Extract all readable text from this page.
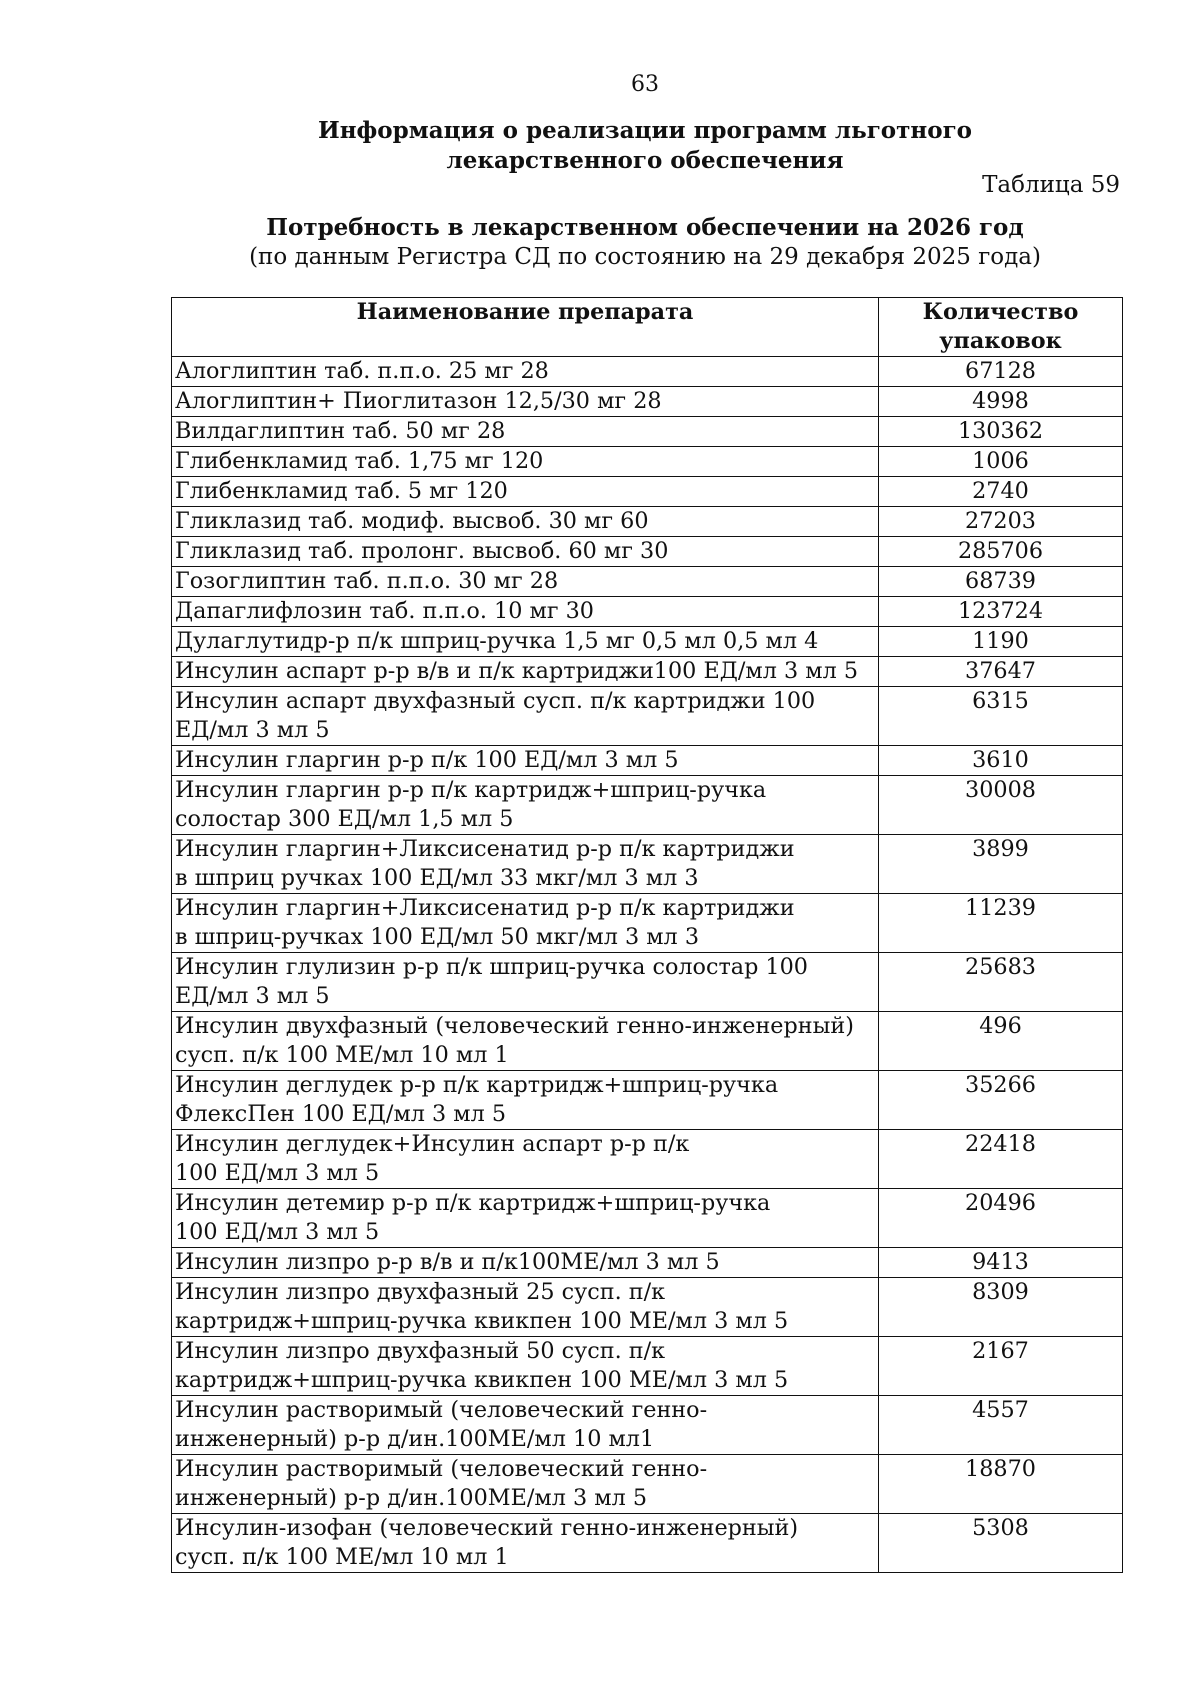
63
Информация о реализации программ льготного
лекарственного обеспечения
Таблица 59
Потребность в лекарственном обеспечении на 2026 год
(по данным Регистра СД по состоянию на 29 декабря 2025 года)
Наименование препарата	Количество
упаковок

Алоглиптин таб. п.п.о. 25 мг 28	67128

Алоглиптин+ Пиоглитазон 12,5/30 мг 28	4998

Вилдаглиптин таб. 50 мг 28	130362

Глибенкламид таб. 1,75 мг 120	1006

Глибенкламид таб. 5 мг 120	2740

Гликлазид таб. модиф. высвоб. 30 мг 60	27203

Гликлазид таб. пролонг. высвоб. 60 мг 30	285706

Гозоглиптин таб. п.п.о. 30 мг 28	68739

Дапаглифлозин таб. п.п.о. 10 мг 30	123724

Дулаглутидр-р п/к шприц-ручка 1,5 мг 0,5 мл 0,5 мл 4	1190

Инсулин аспарт р-р в/в и п/к картриджи100 ЕД/мл 3 мл 5	37647

Инсулин аспарт двухфазный сусп. п/к картриджи 100
ЕД/мл 3 мл 5	6315

Инсулин гларгин р-р п/к 100 ЕД/мл 3 мл 5	3610

Инсулин гларгин р-р п/к картридж+шприц-ручка
солостар 300 ЕД/мл 1,5 мл 5	30008

Инсулин гларгин+Ликсисенатид р-р п/к картриджи
в шприц ручках 100 ЕД/мл 33 мкг/мл 3 мл 3	3899

Инсулин гларгин+Ликсисенатид р-р п/к картриджи
в шприц-ручках 100 ЕД/мл 50 мкг/мл 3 мл 3	11239

Инсулин глулизин р-р п/к шприц-ручка солостар 100
ЕД/мл 3 мл 5	25683

Инсулин двухфазный (человеческий генно-инженерный)
сусп. п/к 100 МЕ/мл 10 мл 1	496

Инсулин деглудек р-р п/к картридж+шприц-ручка
ФлексПен 100 ЕД/мл 3 мл 5	35266

Инсулин деглудек+Инсулин аспарт р-р п/к
100 ЕД/мл 3 мл 5	22418

Инсулин детемир р-р п/к картридж+шприц-ручка
100 ЕД/мл 3 мл 5	20496

Инсулин лизпро р-р в/в и п/к100МЕ/мл 3 мл 5	9413

Инсулин лизпро двухфазный 25 сусп. п/к
картридж+шприц-ручка квикпен 100 МЕ/мл 3 мл 5	8309

Инсулин лизпро двухфазный 50 сусп. п/к
картридж+шприц-ручка квикпен 100 МЕ/мл 3 мл 5	2167

Инсулин растворимый (человеческий генно-
инженерный) р-р д/ин.100МЕ/мл 10 мл1	4557

Инсулин растворимый (человеческий генно-
инженерный) р-р д/ин.100МЕ/мл 3 мл 5	18870

Инсулин-изофан (человеческий генно-инженерный)
сусп. п/к 100 МЕ/мл 10 мл 1	5308
